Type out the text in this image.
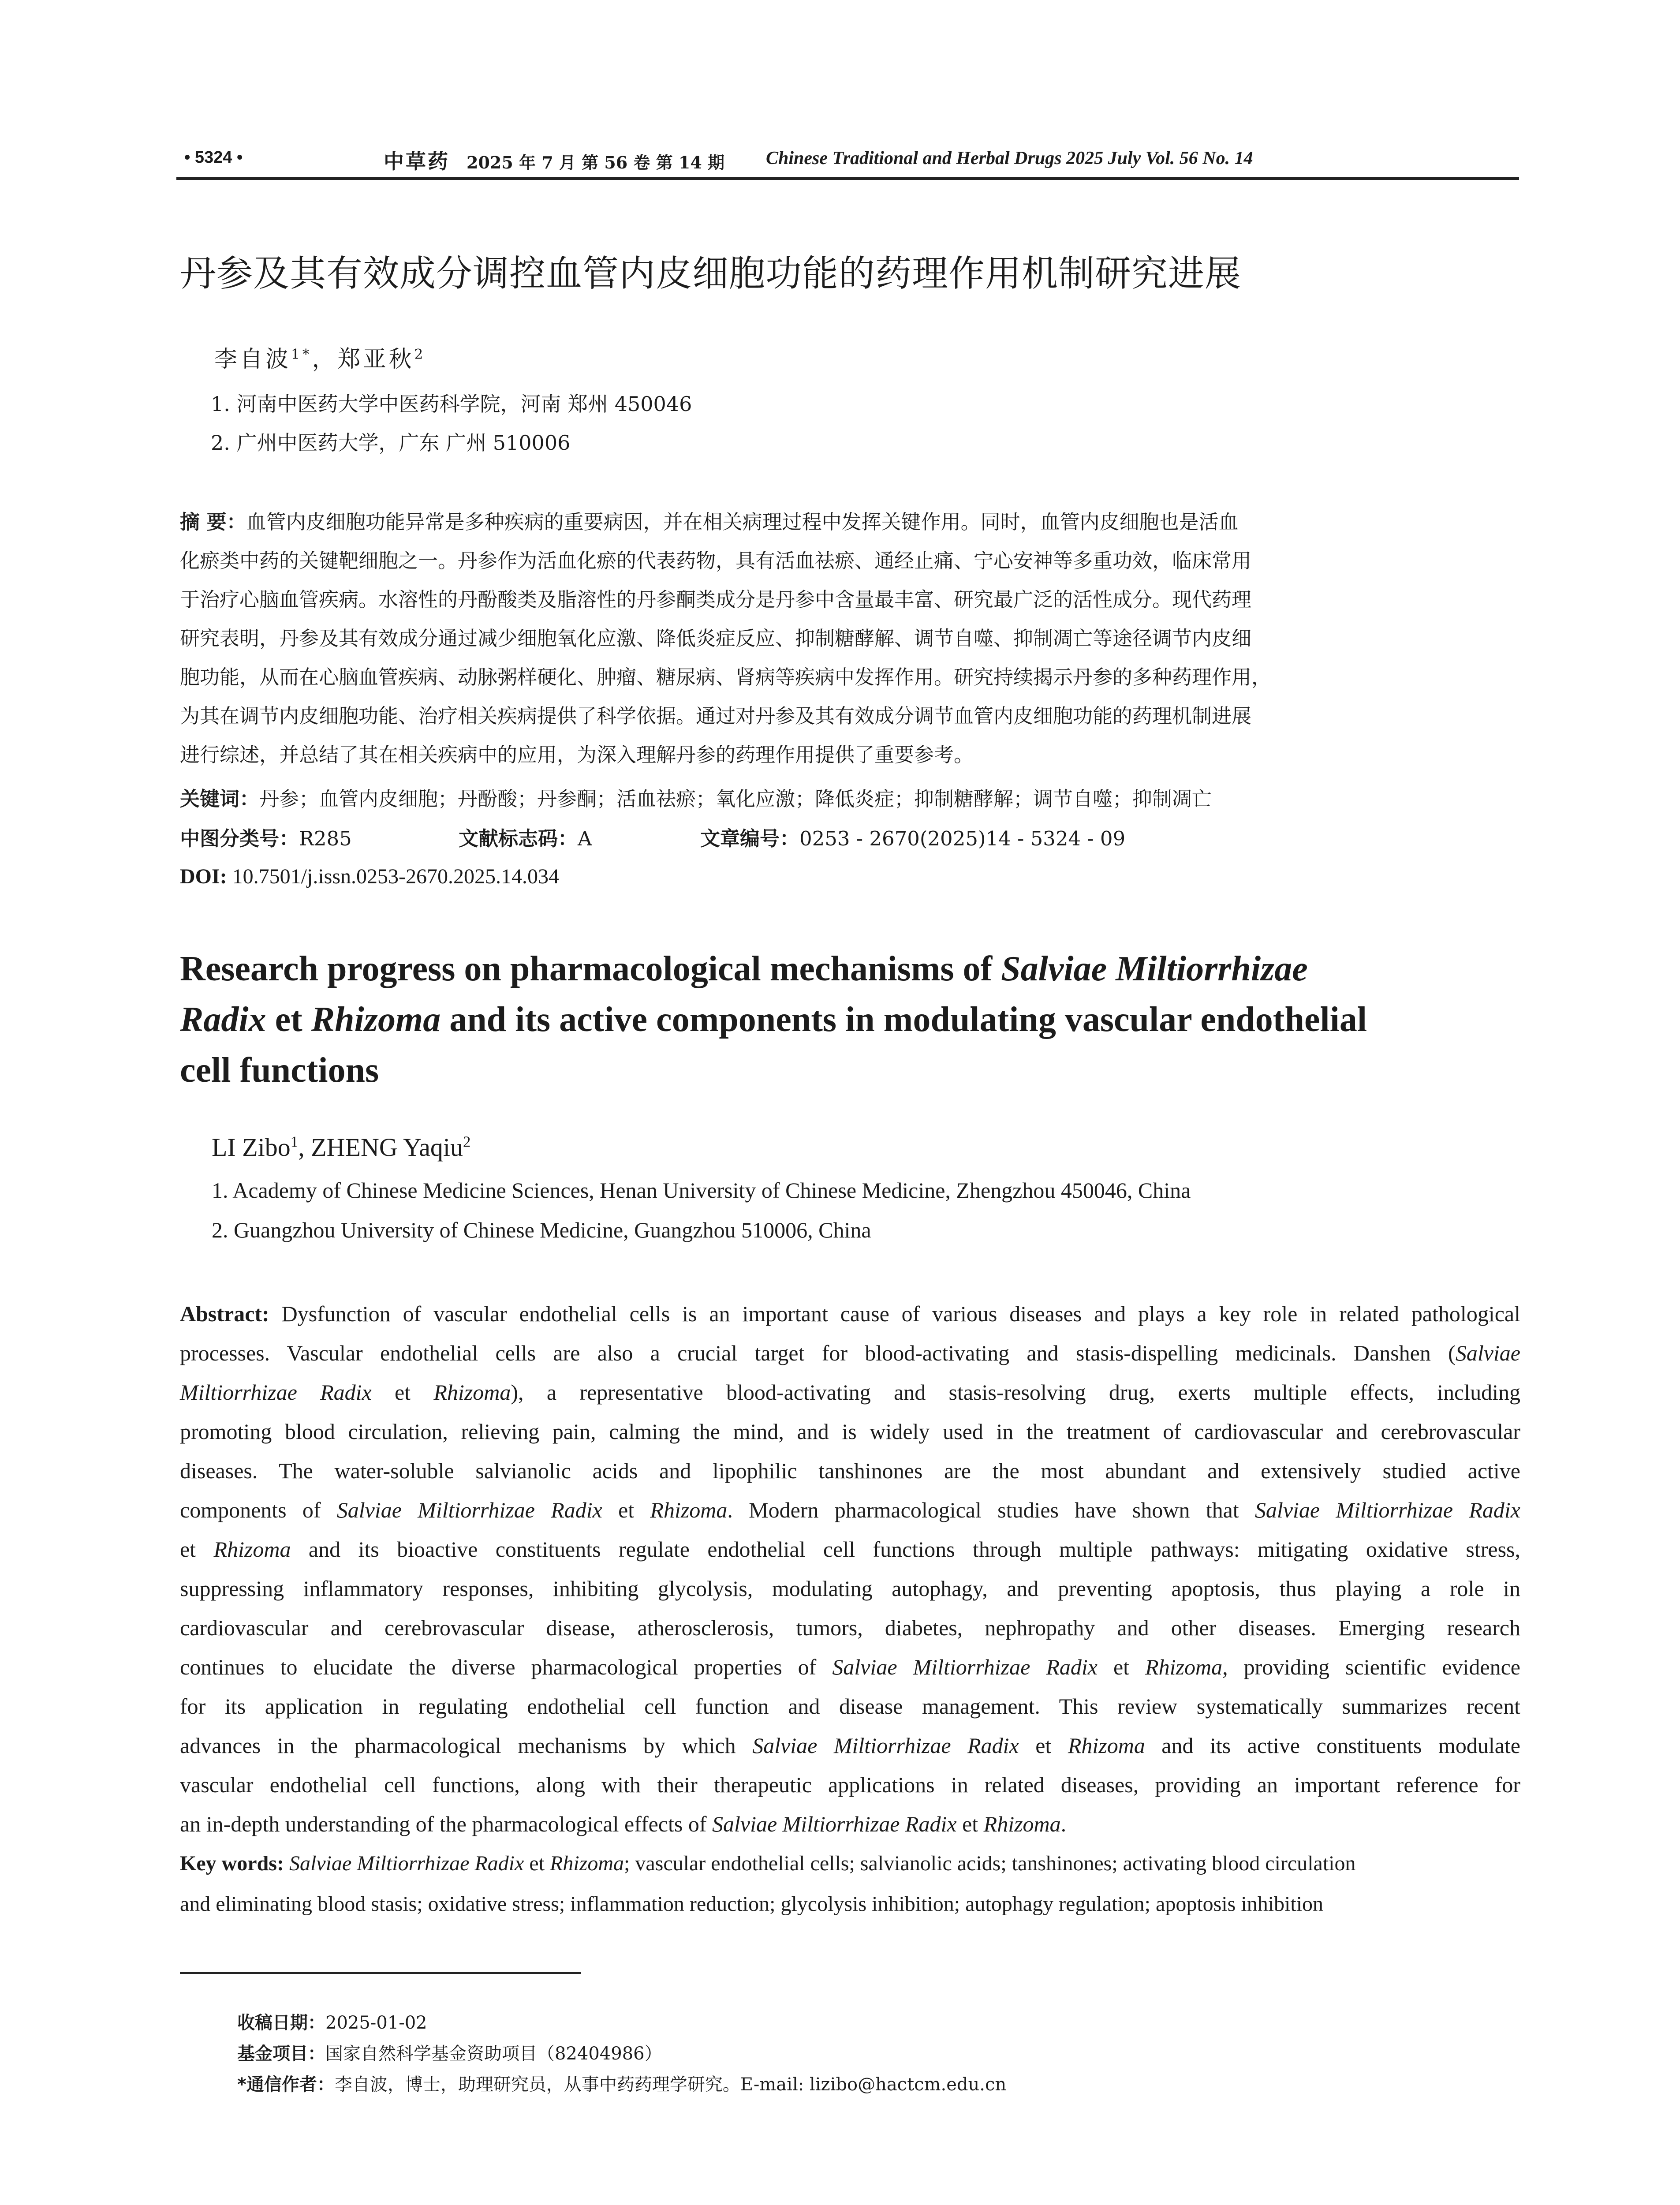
• 5324 •	中草药 2025 年 7 月 第 56 卷 第 14 期 Chinese Traditional and Herbal Drugs 2025 July Vol. 56 No. 14
丹参及其有效成分调控血管内皮细胞功能的药理作用机制研究进展
李自波$^{1*}$，郑亚秋$^2$
1. 河南中医药大学中医药科学院，河南 郑州 450046
2. 广州中医药大学，广东 广州 510006
摘 要：血管内皮细胞功能异常是多种疾病的重要病因，并在相关病理过程中发挥关键作用。同时，血管内皮细胞也是活血
化瘀类中药的关键靶细胞之一。丹参作为活血化瘀的代表药物，具有活血祛瘀、通经止痛、宁心安神等多重功效，临床常用
于治疗心脑血管疾病。水溶性的丹酚酸类及脂溶性的丹参酮类成分是丹参中含量最丰富、研究最广泛的活性成分。现代药理
研究表明，丹参及其有效成分通过减少细胞氧化应激、降低炎症反应、抑制糖酵解、调节自噬、抑制凋亡等途径调节内皮细
胞功能，从而在心脑血管疾病、动脉粥样硬化、肿瘤、糖尿病、肾病等疾病中发挥作用。研究持续揭示丹参的多种药理作用，
为其在调节内皮细胞功能、治疗相关疾病提供了科学依据。通过对丹参及其有效成分调节血管内皮细胞功能的药理机制进展
进行综述，并总结了其在相关疾病中的应用，为深入理解丹参的药理作用提供了重要参考。
关键词：丹参；血管内皮细胞；丹酚酸；丹参酮；活血祛瘀；氧化应激；降低炎症；抑制糖酵解；调节自噬；抑制凋亡
中图分类号：R285	文献标志码：A	文章编号：0253 - 2670(2025)14 - 5324 - 09
DOI: 10.7501/j.issn.0253-2670.2025.14.034
Research progress on pharmacological mechanisms of Salviae Miltiorrhizae
Radix et Rhizoma and its active components in modulating vascular endothelial
cell functions
LI Zibo$^1$, ZHENG Yaqiu$^2$
1. Academy of Chinese Medicine Sciences, Henan University of Chinese Medicine, Zhengzhou 450046, China
2. Guangzhou University of Chinese Medicine, Guangzhou 510006, China
Abstract: Dysfunction of vascular endothelial cells is an important cause of various diseases and plays a key role in related pathological
processes. Vascular endothelial cells are also a crucial target for blood-activating and stasis-dispelling medicinals. Danshen (Salviae
Miltiorrhizae Radix et Rhizoma), a representative blood-activating and stasis-resolving drug, exerts multiple effects, including
promoting blood circulation, relieving pain, calming the mind, and is widely used in the treatment of cardiovascular and cerebrovascular
diseases. The water-soluble salvianolic acids and lipophilic tanshinones are the most abundant and extensively studied active
components of Salviae Miltiorrhizae Radix et Rhizoma. Modern pharmacological studies have shown that Salviae Miltiorrhizae Radix
et Rhizoma and its bioactive constituents regulate endothelial cell functions through multiple pathways: mitigating oxidative stress,
suppressing inflammatory responses, inhibiting glycolysis, modulating autophagy, and preventing apoptosis, thus playing a role in
cardiovascular and cerebrovascular disease, atherosclerosis, tumors, diabetes, nephropathy and other diseases. Emerging research
continues to elucidate the diverse pharmacological properties of Salviae Miltiorrhizae Radix et Rhizoma, providing scientific evidence
for its application in regulating endothelial cell function and disease management. This review systematically summarizes recent
advances in the pharmacological mechanisms by which Salviae Miltiorrhizae Radix et Rhizoma and its active constituents modulate
vascular endothelial cell functions, along with their therapeutic applications in related diseases, providing an important reference for
an in-depth understanding of the pharmacological effects of Salviae Miltiorrhizae Radix et Rhizoma.
Key words: Salviae Miltiorrhizae Radix et Rhizoma; vascular endothelial cells; salvianolic acids; tanshinones; activating blood circulation
and eliminating blood stasis; oxidative stress; inflammation reduction; glycolysis inhibition; autophagy regulation; apoptosis inhibition
收稿日期：2025-01-02
基金项目：国家自然科学基金资助项目（82404986）
*通信作者：李自波，博士，助理研究员，从事中药药理学研究。E-mail: lizibo@hactcm.edu.cn
